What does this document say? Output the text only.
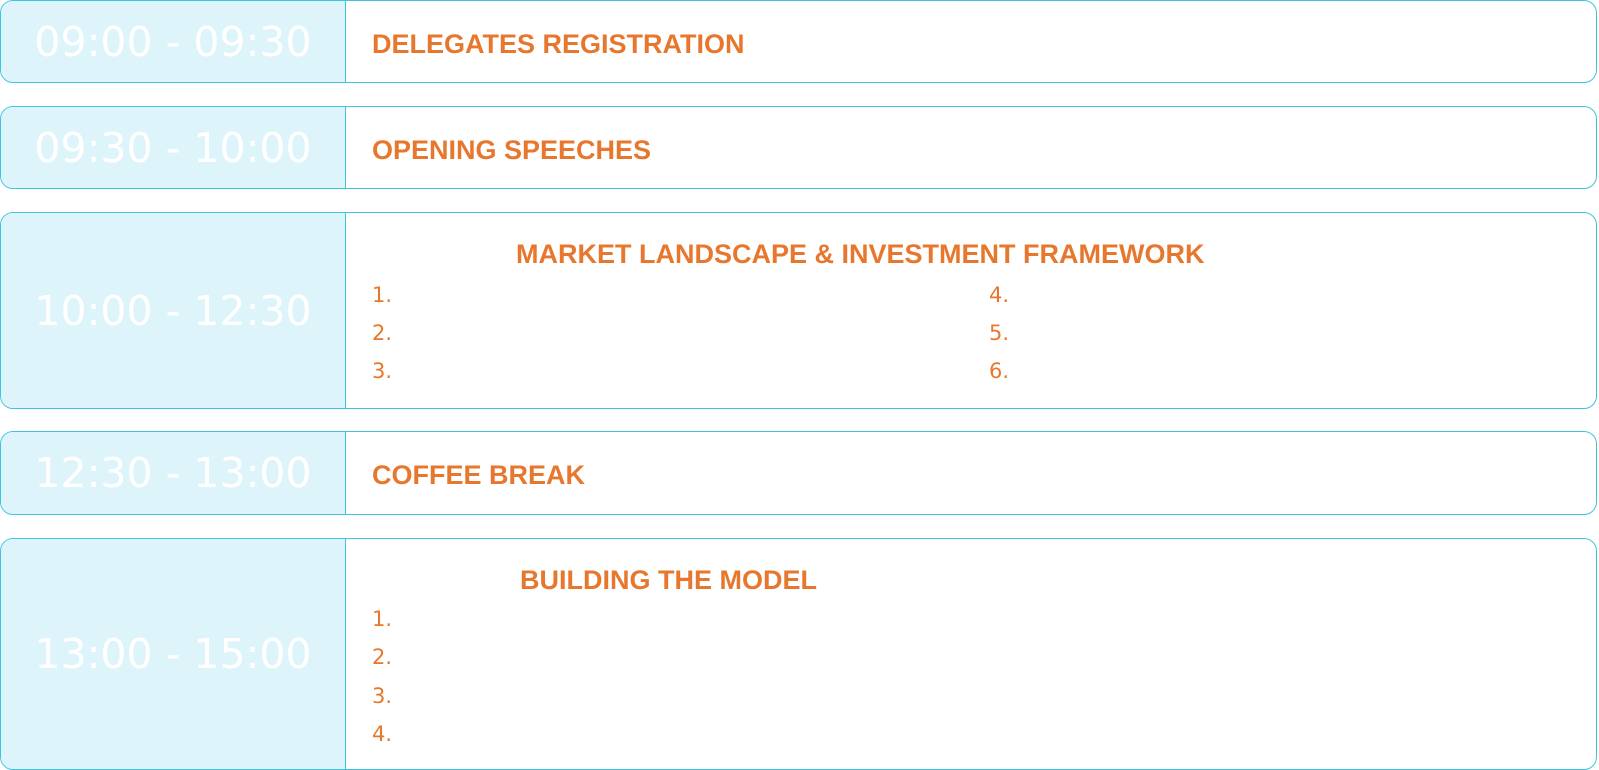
09:00 - 09:30 DELEGATES REGISTRATION
09:30 - 10:00 OPENING SPEECHES
10:00 - 12:30
MARKET LANDSCAPE & INVESTMENT FRAMEWORK
1.
2.
3.
4.
5.
6.
12:30 - 13:00 COFFEE BREAK
13:00 - 15:00
BUILDING THE MODEL
1.
2.
3.
4.
